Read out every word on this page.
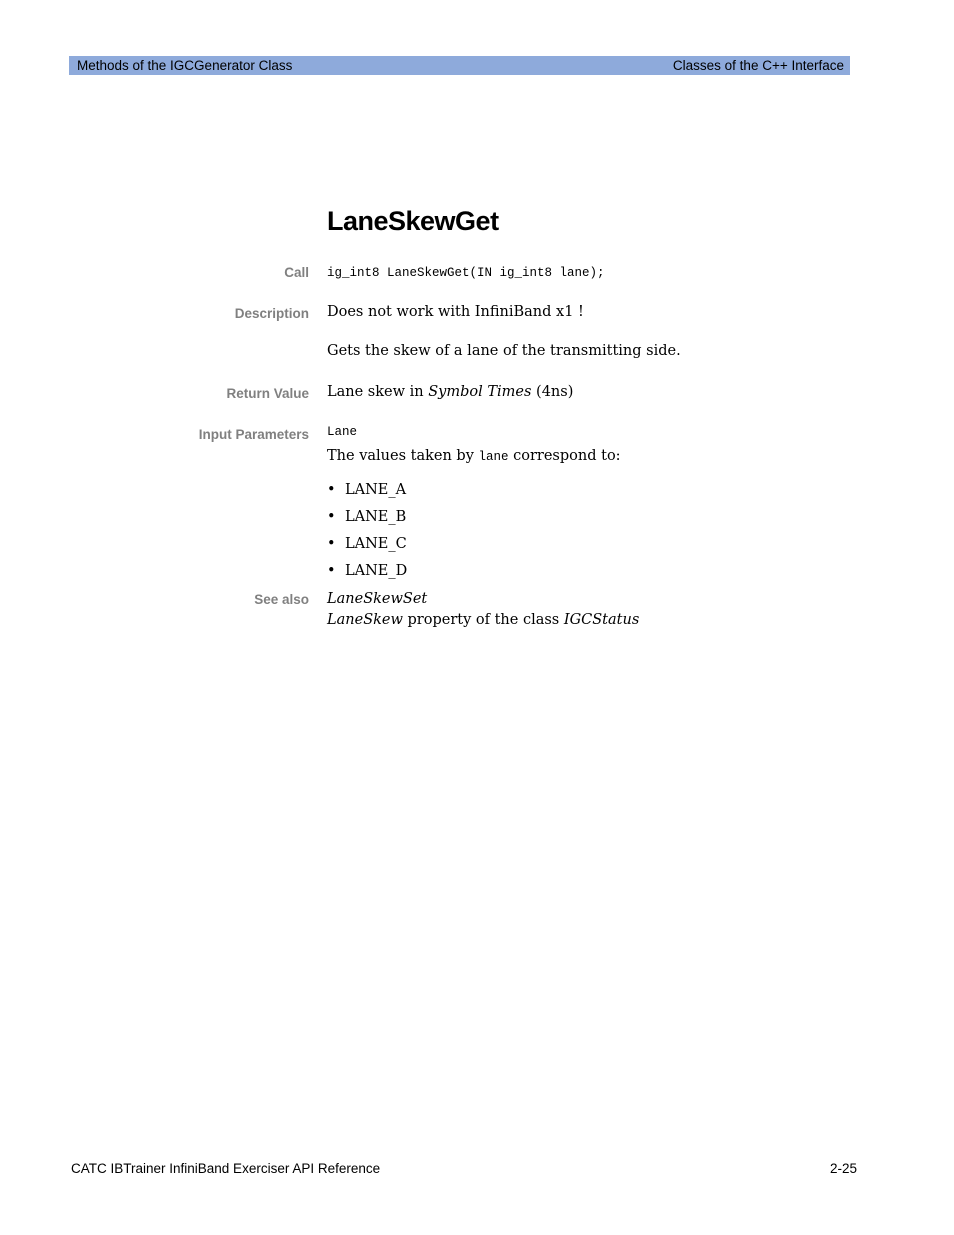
Methods of the IGCGenerator Class	Classes of the C++ Interface
LaneSkewGet
Call ig_int8 LaneSkewGet(IN ig_int8 lane);
Description Does not work with InfiniBand x1 !
Gets the skew of a lane of the transmitting side.
Return Value Lane skew in Symbol Times (4ns)
Input Parameters Lane
The values taken by lane correspond to:
• LANE_A
• LANE_B
• LANE_C
• LANE_D
See also LaneSkewSet
LaneSkew property of the class IGCStatus
CATC IBTrainer InfiniBand Exerciser API Reference	2-25
